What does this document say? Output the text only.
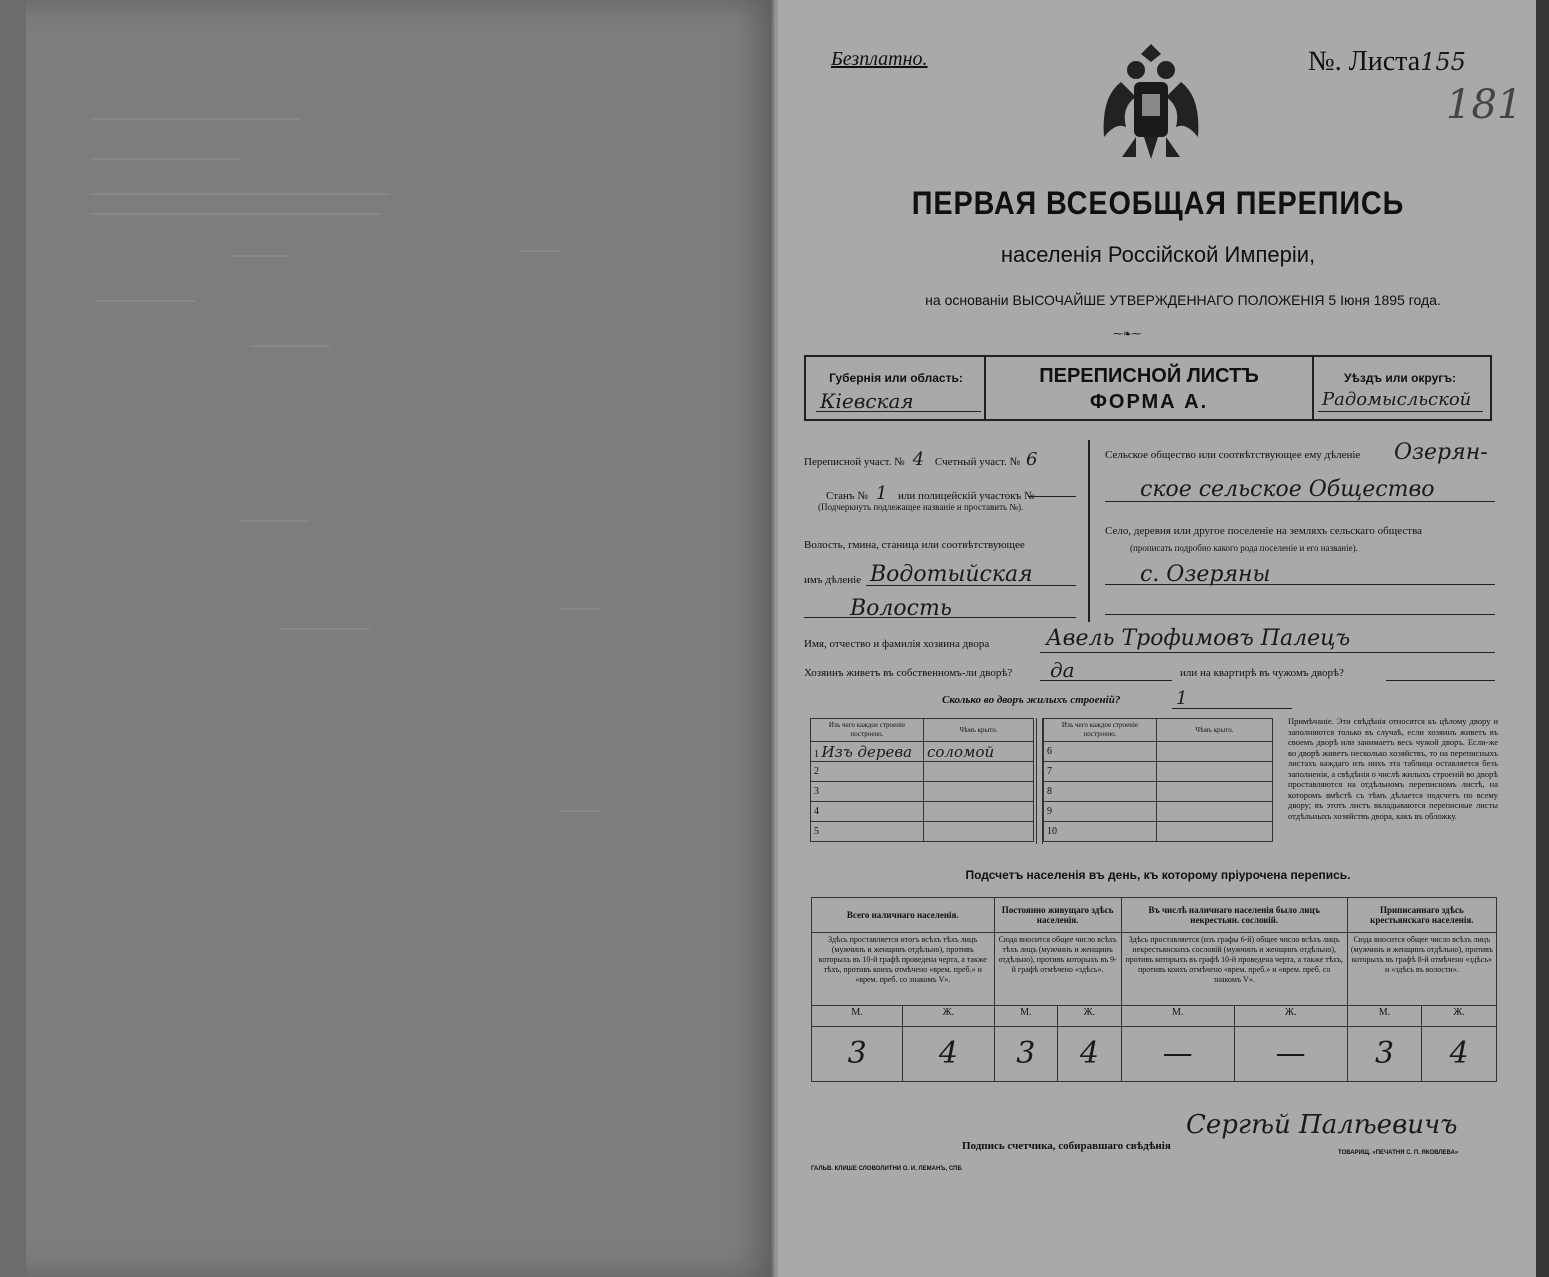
Безплатно.	№. Листа155
181
ПЕРВАЯ ВСЕОБЩАЯ ПЕРЕПИСЬ
населенія Россійской Имперіи,
на основаніи ВЫСОЧАЙШЕ УТВЕРЖДЕННАГО ПОЛОЖЕНІЯ 5 Іюня 1895 года.
⁓❧⁓
Губернія или область:
Кіевская
ПЕРЕПИСНОЙ ЛИСТЪ
ФОРМА А.
Уѣздъ или округъ:
Радомысльской
Переписной участ. № 4 Счетный участ. № 6
Станъ № 1 или полицейскій участокъ №
(Подчеркнуть подлежащее названіе и проставить №).
Волость, гмина, станица или соотвѣтствующее
имъ дѣленіе Водотыйская
Волость
Сельское общество или соотвѣтствующее ему дѣленіе Озерян-
ское сельское Общество
Село, деревня или другое поселеніе на земляхъ сельскаго общества
(прописать подробно какого рода поселеніе и его названіе).
с. Озеряны
Имя, отчество и фамилія хозяина двора	Авель Трофимовъ Палецъ
Хозяинъ живетъ въ собственномъ-ли дворѣ? да	или на квартирѣ въ чужомъ дворѣ?
Сколько во дворъ жилыхъ строеній?	1
Изъ чего каждое строеніе построено.	Чѣмъ крыто.
1 Изъ дерева	соломой
2	
3	
4	
5	
Изъ чего каждое строеніе построено.	Чѣмъ крыто.
6	
7	
8	
9	
10	
Примѣчаніе. Эти свѣдѣнія относятся къ цѣлому двору и заполняются только въ случаѣ, если хозяинъ живетъ въ своемъ дворѣ или занимаетъ весь чужой дворъ. Если-же во дворѣ живетъ несколько хозяйствъ, то на переписныхъ листахъ каждаго изъ нихъ эта таблица оставляется безъ заполненія, а свѣдѣнія о числѣ жилыхъ строеній во дворѣ проставляются на отдѣльномъ переписномъ листѣ, на которомъ вмѣстѣ съ тѣмъ дѣлается подсчетъ по всему двору; въ этотъ листъ вкладываются переписные листы отдѣльныхъ хозяйствъ двора, какъ въ обложку.
Подсчетъ населенія въ день, къ которому пріурочена перепись.
Всего наличнаго населенія.		Постоянно живущаго здѣсь населенія.		Въ числѣ наличнаго населенія было лицъ некрестьян. сословій.		Приписаннаго здѣсь крестьянскаго населенія.	
Здѣсь проставляется итогъ всѣхъ тѣхъ лицъ (мужчинъ и женщинъ отдѣльно), противъ которыхъ въ 10-й графѣ проведена черта, а также тѣхъ, противъ коихъ отмѣчено «врем. преб.» и «врем. преб. со знакомъ V».		Сюда вносится общее число всѣхъ тѣхъ лицъ (мужчинъ и женщинъ отдѣльно), противъ которыхъ въ 9-й графѣ отмѣчено «здѣсь».		Здѣсь проставляется (изъ графы 6-й) общее число всѣхъ лицъ некрестьянскихъ сословій (мужчинъ и женщинъ отдѣльно), противъ которыхъ въ графѣ 10-й проведена черта, а также тѣхъ, противъ коихъ отмѣчено «врем. преб.» и «врем. преб. со знакомъ V».		Сюда вносится общее число всѣхъ лицъ (мужчинъ и женщинъ отдѣльно), противъ которыхъ въ графѣ 8-й отмѣчено «здѣсь» и «здѣсь въ волости».	
М.	Ж.	М.	Ж.	М.	Ж.	М.	Ж.
3	4	3	4	—	—	3	4
Подпись счетчика, собиравшаго свѣдѣнія
Сергѣй Палѣевичъ
ГАЛЬВ. КЛИШЕ СЛОВОЛИТНИ О. И. ЛЕМАНЪ, СПБ
ТОВАРИЩ. «ПЕЧАТНЯ С. П. ЯКОВЛЕВА»
